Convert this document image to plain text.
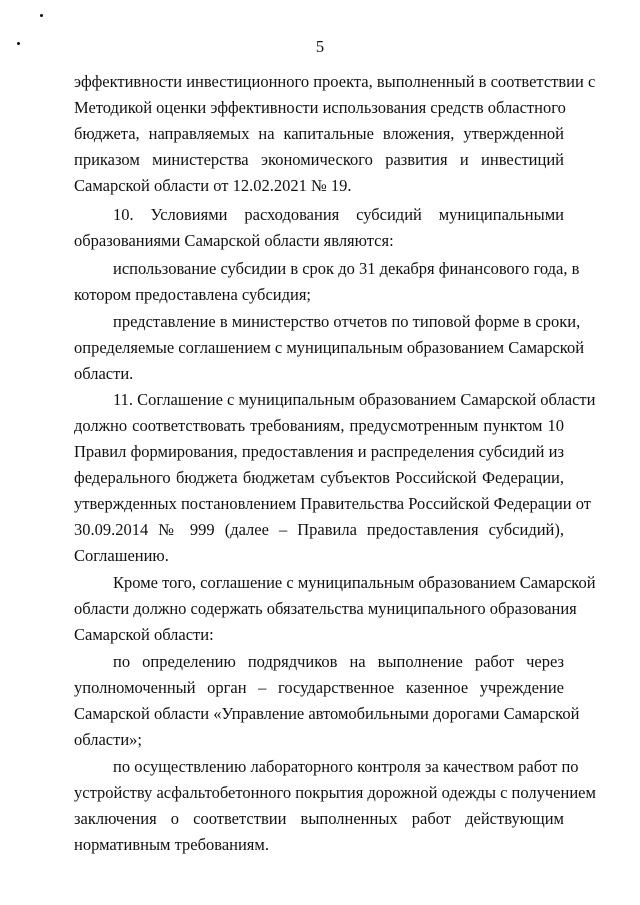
5
эффективности инвестиционного проекта, выполненный в соответствии с
Методикой оценки эффективности использования средств областного
бюджета, направляемых на капитальные вложения, утвержденной
приказом министерства экономического развития и инвестиций
Самарской области от 12.02.2021 № 19.
10. Условиями расходования субсидий муниципальными
образованиями Самарской области являются:
использование субсидии в срок до 31 декабря финансового года, в
котором предоставлена субсидия;
представление в министерство отчетов по типовой форме в сроки,
определяемые соглашением с муниципальным образованием Самарской
области.
11. Соглашение с муниципальным образованием Самарской области
должно соответствовать требованиям, предусмотренным пунктом 10
Правил формирования, предоставления и распределения субсидий из
федерального бюджета бюджетам субъектов Российской Федерации,
утвержденных постановлением Правительства Российской Федерации от
30.09.2014 № 999 (далее – Правила предоставления субсидий),
Соглашению.
Кроме того, соглашение с муниципальным образованием Самарской
области должно содержать обязательства муниципального образования
Самарской области:
по определению подрядчиков на выполнение работ через
уполномоченный орган – государственное казенное учреждение
Самарской области «Управление автомобильными дорогами Самарской
области»;
по осуществлению лабораторного контроля за качеством работ по
устройству асфальтобетонного покрытия дорожной одежды с получением
заключения о соответствии выполненных работ действующим
нормативным требованиям.
